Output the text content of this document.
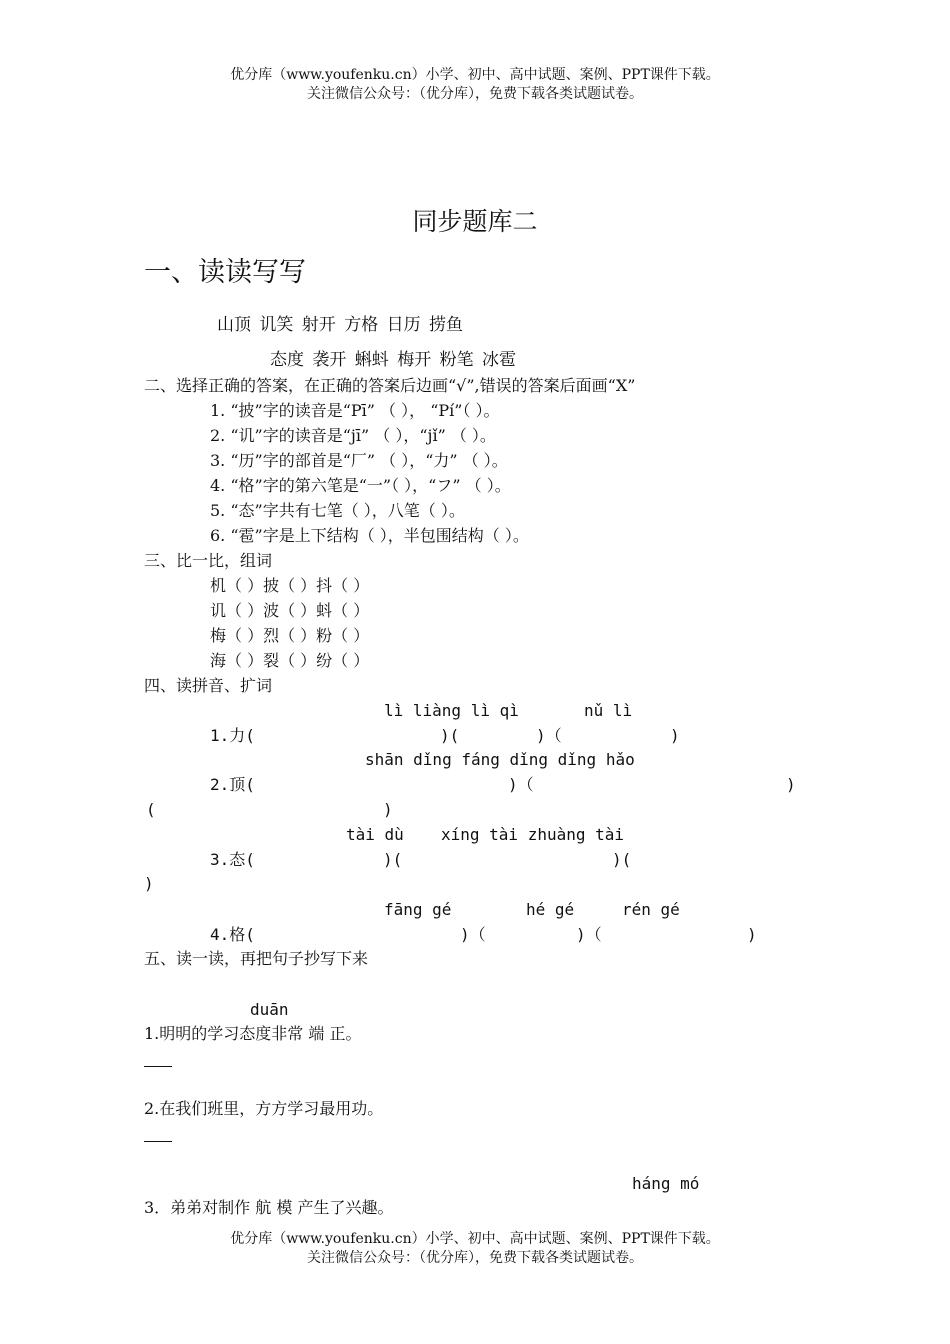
优分库（www.youfenku.cn）小学、初中、高中试题、案例、PPT课件下载。
关注微信公众号：（优分库），免费下载各类试题试卷。
同步题库二
一、读读写写
山顶 讥笑 射开 方格 日历 捞鱼
态度 袭开 蝌蚪 梅开 粉笔 冰雹
二、选择正确的答案，在正确的答案后边画“√”,错误的答案后面画“X”
1. “披”字的读音是“Pī” （ ）， “Pí”（ ）。
2. “讥”字的读音是“jī” （ ），“jǐ” （ ）。
3. “历”字的部首是“厂” （ ），“力” （ ）。
4. “格”字的第六笔是“一”（ ），“フ” （ ）。
5. “态”字共有七笔（ ），八笔（ ）。
6. “雹”字是上下结构（ ），半包围结构（ ）。
三、比一比，组词
机（ ）披（ ）抖（ ）
讥（ ）波（ ）蚪（ ）
梅（ ）烈（ ）粉（ ）
海（ ）裂（ ）纷（ ）
四、读拼音、扩词
lì liàng lì qì	nǔ lì
1.力(	)(	)（	)
shān dǐng fáng dǐng dǐng hǎo
2.顶(	)（	)
(	)
tài dù xíng tài zhuàng tài
3.态(	)(	)(
)
fāng gé	hé gé	rén gé
4.格(	)（	)（	)
五、读一读，再把句子抄写下来
duān
1.明明的学习态度非常 端 正。
2.在我们班里，方方学习最用功。
háng mó
3．弟弟对制作 航 模 产生了兴趣。
优分库（www.youfenku.cn）小学、初中、高中试题、案例、PPT课件下载。
关注微信公众号：（优分库），免费下载各类试题试卷。
